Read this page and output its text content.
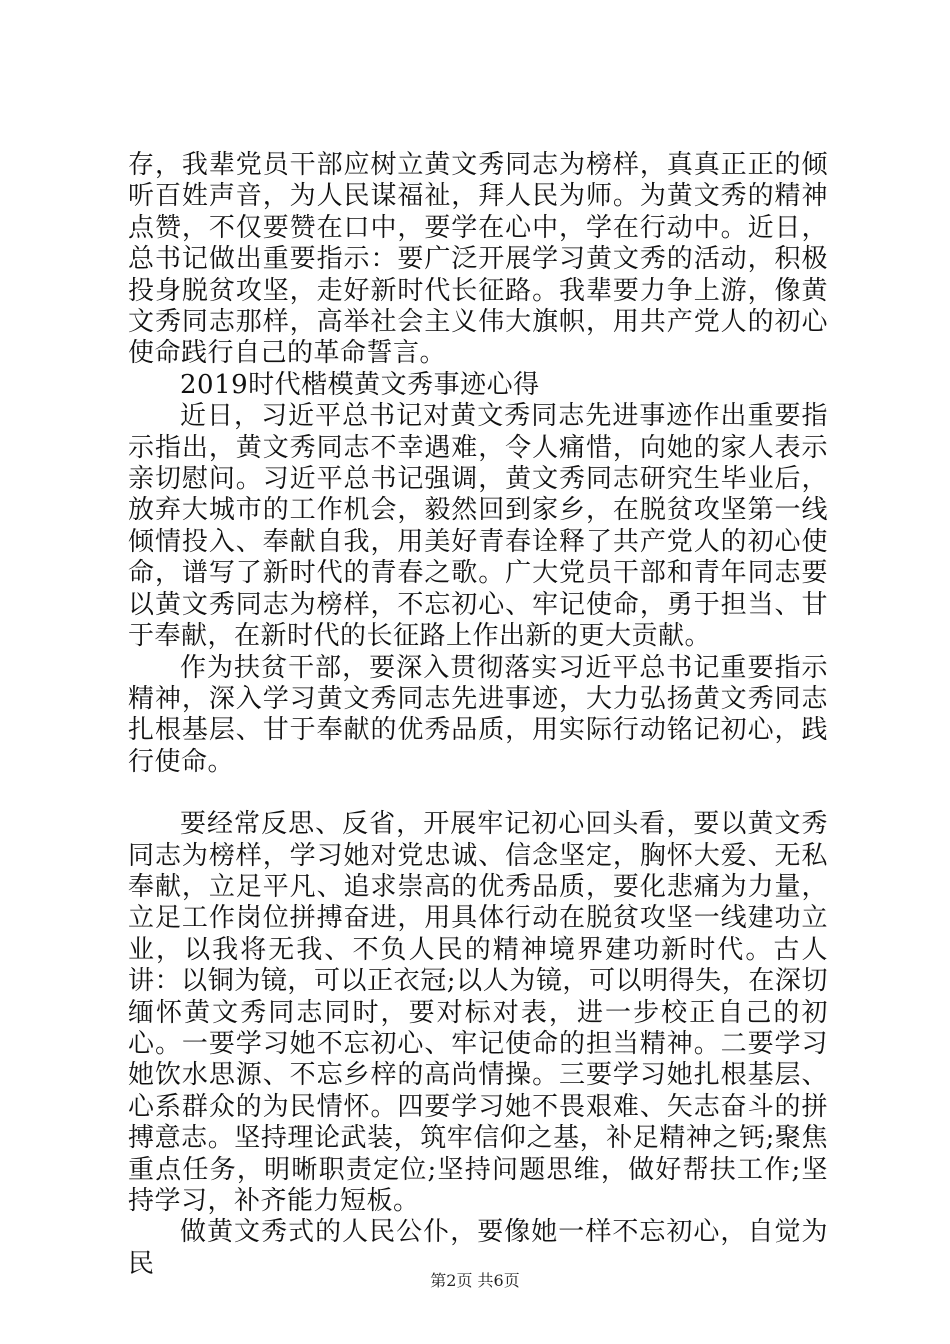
存，我辈党员干部应树立黄文秀同志为榜样，真真正正的倾听百姓声音，为人民谋福祉，拜人民为师。为黄文秀的精神点赞，不仅要赞在口中，要学在心中，学在行动中。近日，总书记做出重要指示：要广泛开展学习黄文秀的活动，积极投身脱贫攻坚，走好新时代长征路。我辈要力争上游，像黄文秀同志那样，高举社会主义伟大旗帜，用共产党人的初心使命践行自己的革命誓言。

2019时代楷模黄文秀事迹心得

近日，习近平总书记对黄文秀同志先进事迹作出重要指示指出，黄文秀同志不幸遇难，令人痛惜，向她的家人表示亲切慰问。习近平总书记强调，黄文秀同志研究生毕业后，放弃大城市的工作机会，毅然回到家乡，在脱贫攻坚第一线倾情投入、奉献自我，用美好青春诠释了共产党人的初心使命，谱写了新时代的青春之歌。广大党员干部和青年同志要以黄文秀同志为榜样，不忘初心、牢记使命，勇于担当、甘于奉献，在新时代的长征路上作出新的更大贡献。

作为扶贫干部，要深入贯彻落实习近平总书记重要指示精神，深入学习黄文秀同志先进事迹，大力弘扬黄文秀同志扎根基层、甘于奉献的优秀品质，用实际行动铭记初心，践行使命。

要经常反思、反省，开展牢记初心回头看，要以黄文秀同志为榜样，学习她对党忠诚、信念坚定，胸怀大爱、无私奉献，立足平凡、追求崇高的优秀品质，要化悲痛为力量，立足工作岗位拼搏奋进，用具体行动在脱贫攻坚一线建功立业，以我将无我、不负人民的精神境界建功新时代。古人讲：以铜为镜，可以正衣冠;以人为镜，可以明得失，在深切缅怀黄文秀同志同时，要对标对表，进一步校正自己的初心。一要学习她不忘初心、牢记使命的担当精神。二要学习她饮水思源、不忘乡梓的高尚情操。三要学习她扎根基层、心系群众的为民情怀。四要学习她不畏艰难、矢志奋斗的拼搏意志。坚持理论武装，筑牢信仰之基，补足精神之钙;聚焦重点任务，明晰职责定位;坚持问题思维，做好帮扶工作;坚持学习，补齐能力短板。

做黄文秀式的人民公仆，要像她一样不忘初心，自觉为民

第2页 共6页
